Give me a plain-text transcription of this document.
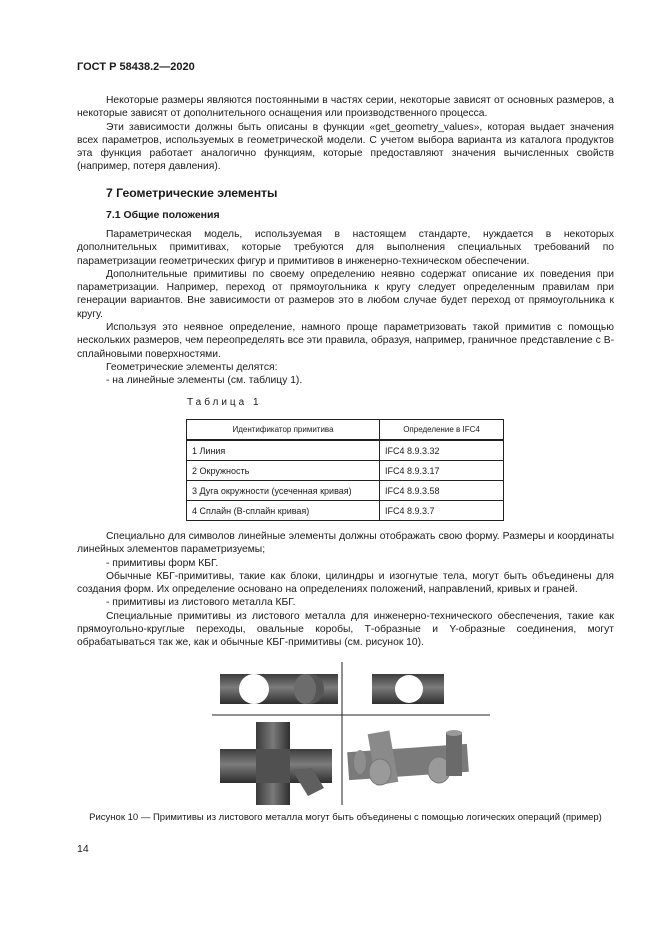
ГОСТ Р 58438.2—2020

Некоторые размеры являются постоянными в частях серии, некоторые зависят от основных размеров, а некоторые зависят от дополнительного оснащения или производственного процесса.

Эти зависимости должны быть описаны в функции «get_geometry_values», которая выдает значения всех параметров, используемых в геометрической модели. С учетом выбора варианта из каталога продуктов эта функция работает аналогично функциям, которые предоставляют значения вычисленных свойств (например, потеря давления).

7 Геометрические элементы
7.1 Общие положения

Параметрическая модель, используемая в настоящем стандарте, нуждается в некоторых дополнительных примитивах, которые требуются для выполнения специальных требований по параметризации геометрических фигур и примитивов в инженерно-техническом обеспечении.

Дополнительные примитивы по своему определению неявно содержат описание их поведения при параметризации. Например, переход от прямоугольника к кругу следует определенным правилам при генерации вариантов. Вне зависимости от размеров это в любом случае будет переход от прямоугольника к кругу.

Используя это неявное определение, намного проще параметризовать такой примитив с помощью нескольких размеров, чем переопределять все эти правила, образуя, например, граничное представление с В-сплайновыми поверхностями.

Геометрические элементы делятся:

- на линейные элементы (см. таблицу 1).

Таблица 1
Идентификатор примитива	Определение в IFC4
1 Линия	IFC4 8.9.3.32
2 Окружность	IFC4 8.9.3.17
3 Дуга окружности (усеченная кривая)	IFC4 8.9.3.58
4 Сплайн (В-сплайн кривая)	IFC4 8.9.3.7

Специально для символов линейные элементы должны отображать свою форму. Размеры и координаты линейных элементов параметризуемы;

- примитивы форм КБГ.

Обычные КБГ-примитивы, такие как блоки, цилиндры и изогнутые тела, могут быть объединены для создания форм. Их определение основано на определениях положений, направлений, кривых и граней.

- примитивы из листового металла КБГ.

Специальные примитивы из листового металла для инженерно-технического обеспечения, такие как прямоугольно-круглые переходы, овальные коробы, Т-образные и Y-образные соединения, могут обрабатываться так же, как и обычные КБГ-примитивы (см. рисунок 10).

Рисунок 10 — Примитивы из листового металла могут быть объединены с помощью логических операций (пример)
14
